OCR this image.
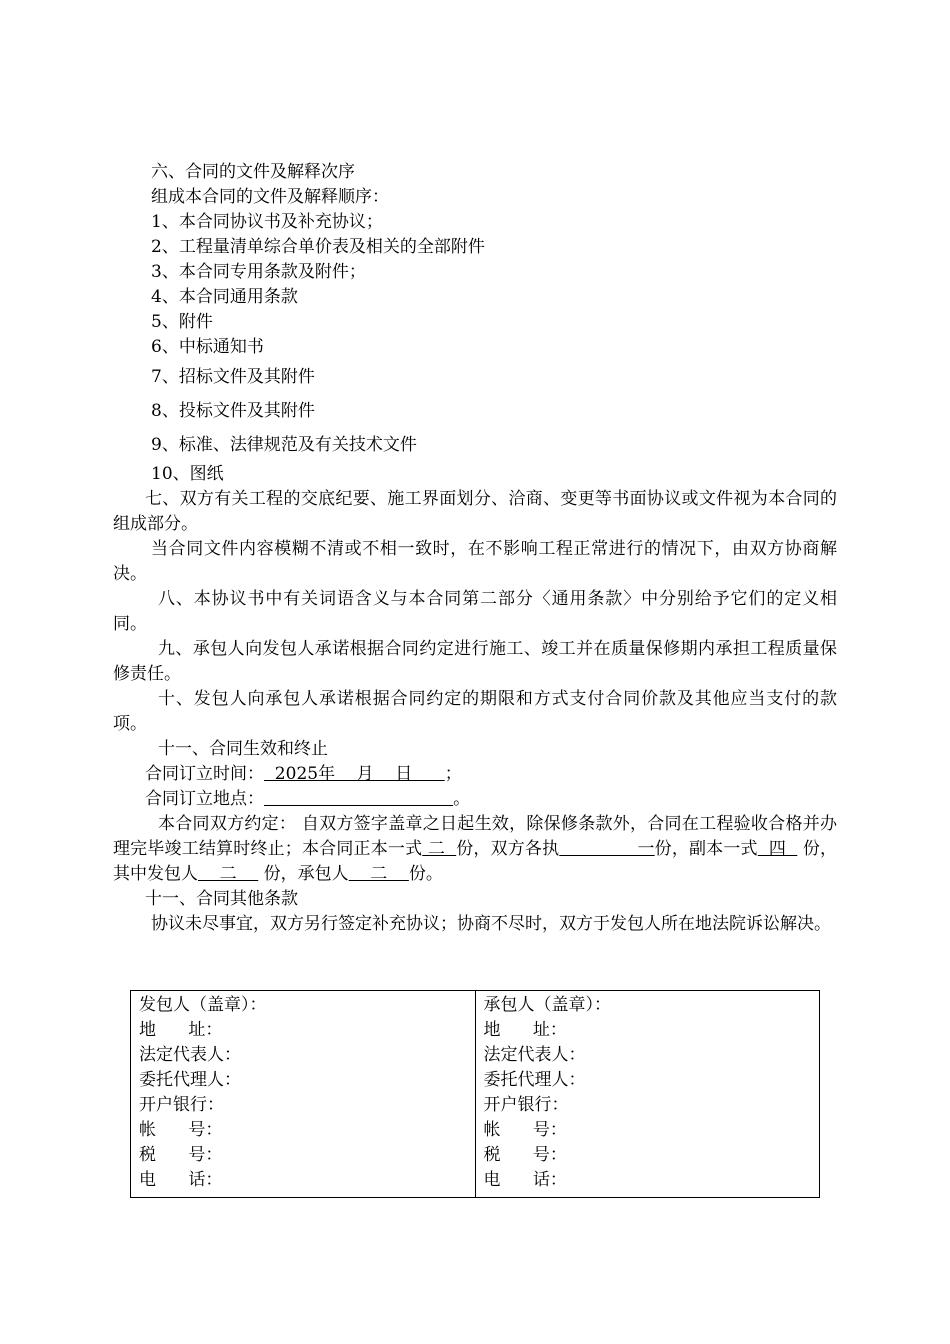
六、合同的文件及解释次序
组成本合同的文件及解释顺序：
1、本合同协议书及补充协议；
2、工程量清单综合单价表及相关的全部附件
3、本合同专用条款及附件；
4、本合同通用条款
5、附件
6、中标通知书
7、招标文件及其附件
8、投标文件及其附件
9、标准、法律规范及有关技术文件
10、图纸
七、双方有关工程的交底纪要、施工界面划分、洽商、变更等书面协议或文件视为本合同的组成部分。
当合同文件内容模糊不清或不相一致时，在不影响工程正常进行的情况下，由双方协商解决。
八、本协议书中有关词语含义与本合同第二部分〈通用条款〉中分别给予它们的定义相同。
九、承包人向发包人承诺根据合同约定进行施工、竣工并在质量保修期内承担工程质量保修责任。
十、发包人向承包人承诺根据合同约定的期限和方式支付合同价款及其他应当支付的款项。
十一、合同生效和终止
合同订立时间：  2025年    月    日      ；
合同订立地点：	。
本合同双方约定： 自双方签字盖章之日起生效，除保修条款外，合同在工程验收合格并办理完毕竣工结算时终止；本合同正本一式 二  份，双方各执              一份，副本一式  四   份，其中发包人    二     份，承包人    二    份。
十一、合同其他条款
协议未尽事宜，双方另行签定补充协议；协商不尽时，双方于发包人所在地法院诉讼解决。
发包人（盖章）：
地      址：
法定代表人：
委托代理人：
开户银行：
帐      号：
税      号：
电      话：

承包人（盖章）：
地      址：
法定代表人：
委托代理人：
开户银行：
帐      号：
税      号：
电      话：
